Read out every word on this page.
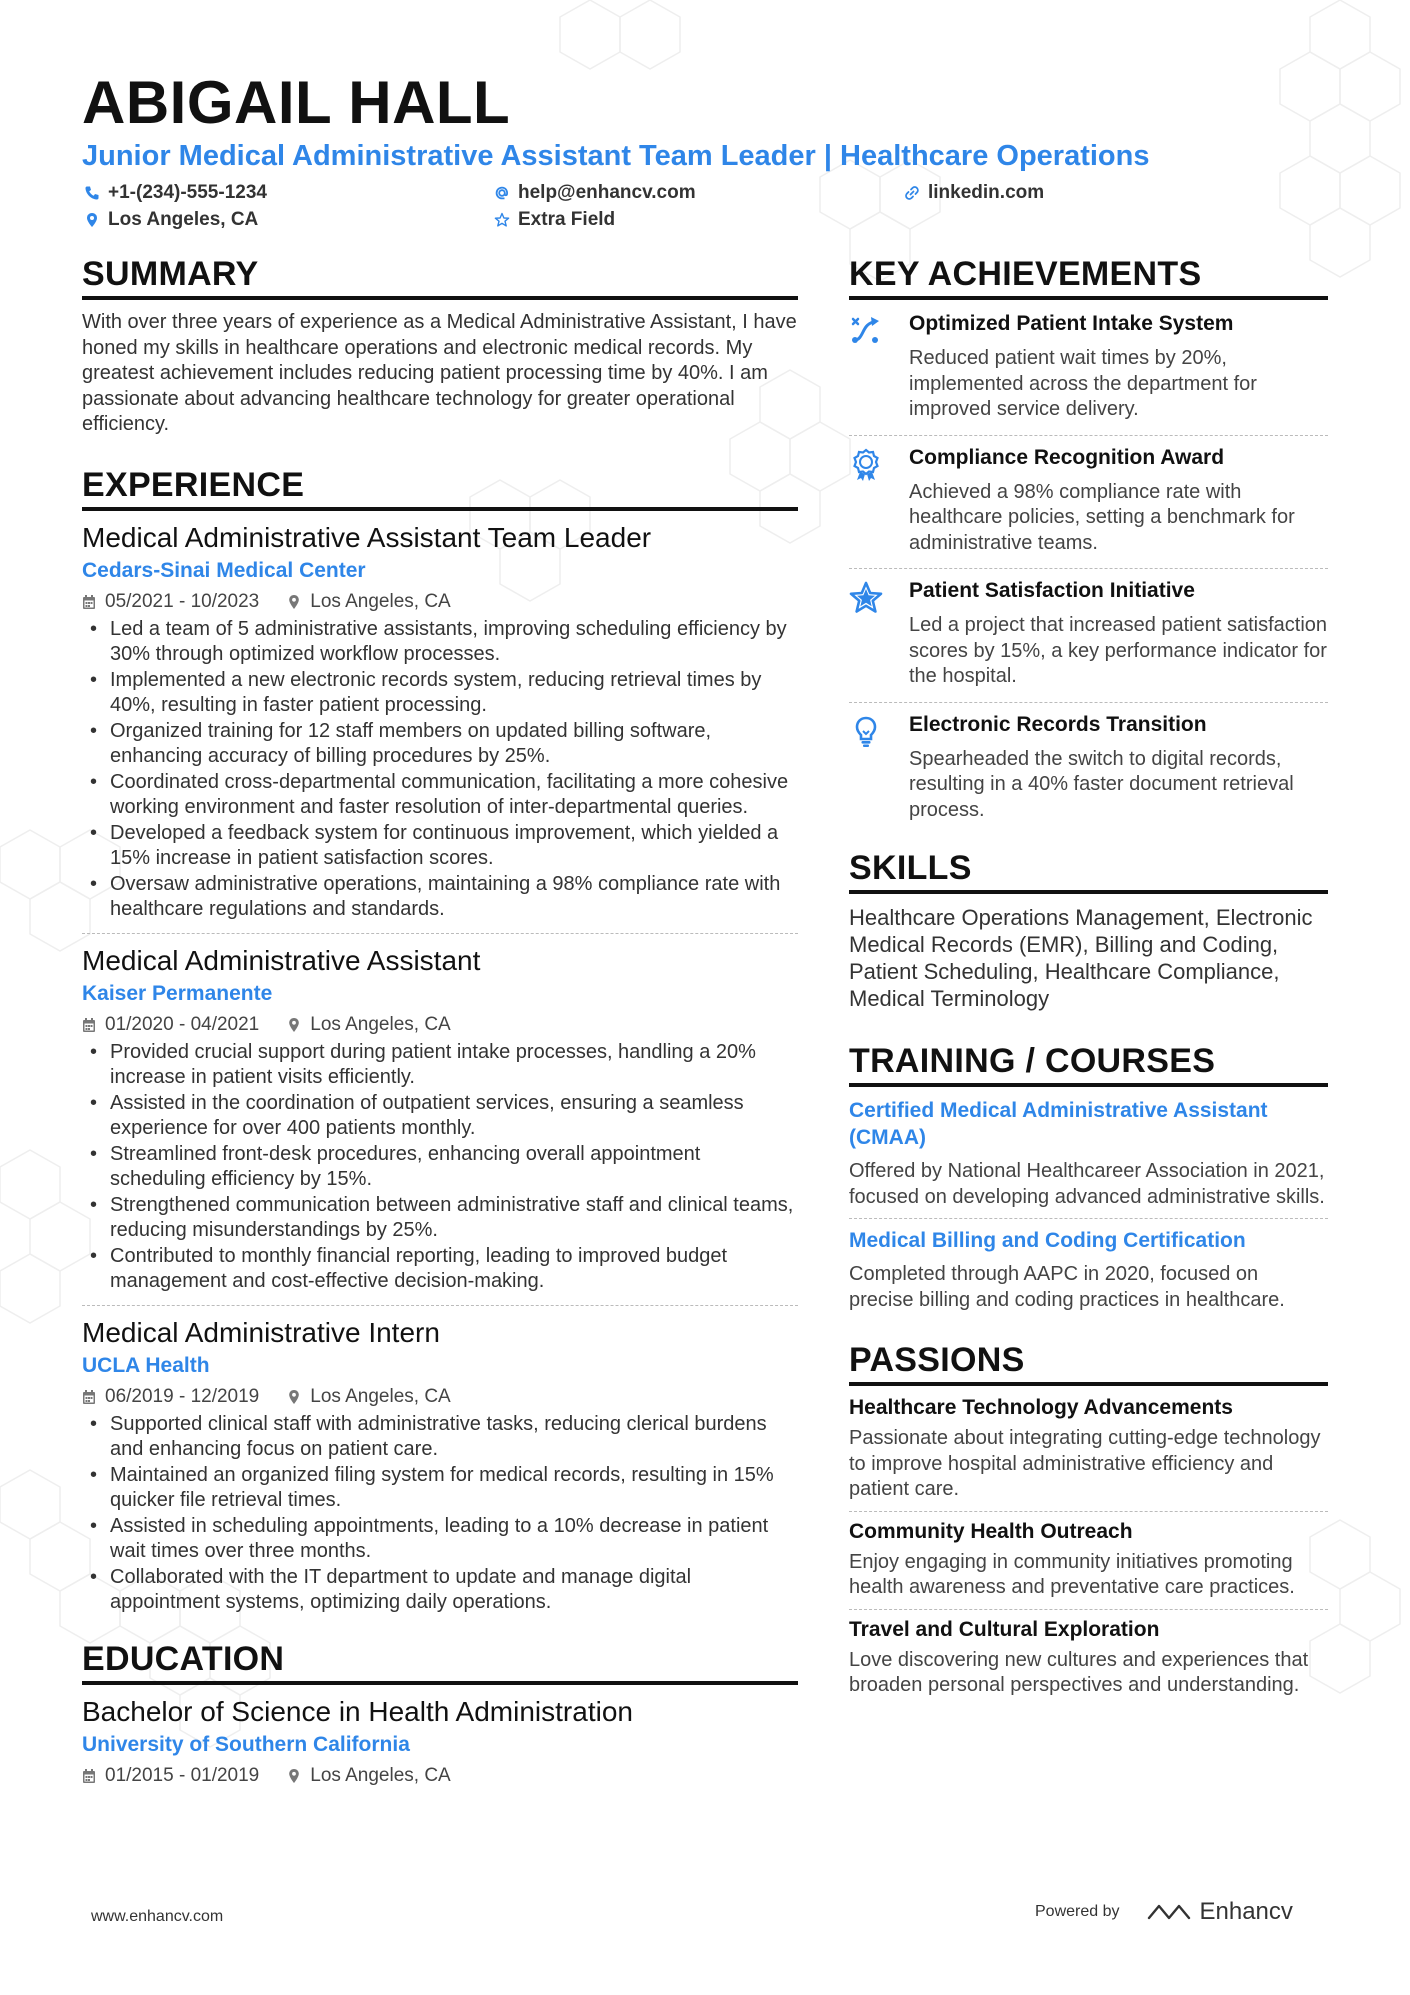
ABIGAIL HALL
Junior Medical Administrative Assistant Team Leader | Healthcare Operations
+1-(234)-555-1234	help@enhancv.com	linkedin.com
Los Angeles, CA	Extra Field
SUMMARY
With over three years of experience as a Medical Administrative Assistant, I have honed my skills in healthcare operations and electronic medical records. My greatest achievement includes reducing patient processing time by 40%. I am passionate about advancing healthcare technology for greater operational efficiency.
EXPERIENCE
Medical Administrative Assistant Team Leader
Cedars-Sinai Medical Center
05/2021 - 10/2023	Los Angeles, CA
• Led a team of 5 administrative assistants, improving scheduling efficiency by 30% through optimized workflow processes.
• Implemented a new electronic records system, reducing retrieval times by 40%, resulting in faster patient processing.
• Organized training for 12 staff members on updated billing software, enhancing accuracy of billing procedures by 25%.
• Coordinated cross-departmental communication, facilitating a more cohesive working environment and faster resolution of inter-departmental queries.
• Developed a feedback system for continuous improvement, which yielded a 15% increase in patient satisfaction scores.
• Oversaw administrative operations, maintaining a 98% compliance rate with healthcare regulations and standards.
Medical Administrative Assistant
Kaiser Permanente
01/2020 - 04/2021	Los Angeles, CA
• Provided crucial support during patient intake processes, handling a 20% increase in patient visits efficiently.
• Assisted in the coordination of outpatient services, ensuring a seamless experience for over 400 patients monthly.
• Streamlined front-desk procedures, enhancing overall appointment scheduling efficiency by 15%.
• Strengthened communication between administrative staff and clinical teams, reducing misunderstandings by 25%.
• Contributed to monthly financial reporting, leading to improved budget management and cost-effective decision-making.
Medical Administrative Intern
UCLA Health
06/2019 - 12/2019	Los Angeles, CA
• Supported clinical staff with administrative tasks, reducing clerical burdens and enhancing focus on patient care.
• Maintained an organized filing system for medical records, resulting in 15% quicker file retrieval times.
• Assisted in scheduling appointments, leading to a 10% decrease in patient wait times over three months.
• Collaborated with the IT department to update and manage digital appointment systems, optimizing daily operations.
EDUCATION
Bachelor of Science in Health Administration
University of Southern California
01/2015 - 01/2019	Los Angeles, CA
KEY ACHIEVEMENTS
Optimized Patient Intake System
Reduced patient wait times by 20%, implemented across the department for improved service delivery.
Compliance Recognition Award
Achieved a 98% compliance rate with healthcare policies, setting a benchmark for administrative teams.
Patient Satisfaction Initiative
Led a project that increased patient satisfaction scores by 15%, a key performance indicator for the hospital.
Electronic Records Transition
Spearheaded the switch to digital records, resulting in a 40% faster document retrieval process.
SKILLS
Healthcare Operations Management, Electronic Medical Records (EMR), Billing and Coding, Patient Scheduling, Healthcare Compliance, Medical Terminology
TRAINING / COURSES
Certified Medical Administrative Assistant (CMAA)
Offered by National Healthcareer Association in 2021, focused on developing advanced administrative skills.
Medical Billing and Coding Certification
Completed through AAPC in 2020, focused on precise billing and coding practices in healthcare.
PASSIONS
Healthcare Technology Advancements
Passionate about integrating cutting-edge technology to improve hospital administrative efficiency and patient care.
Community Health Outreach
Enjoy engaging in community initiatives promoting health awareness and preventative care practices.
Travel and Cultural Exploration
Love discovering new cultures and experiences that broaden personal perspectives and understanding.
www.enhancv.com	Powered by	Enhancv
